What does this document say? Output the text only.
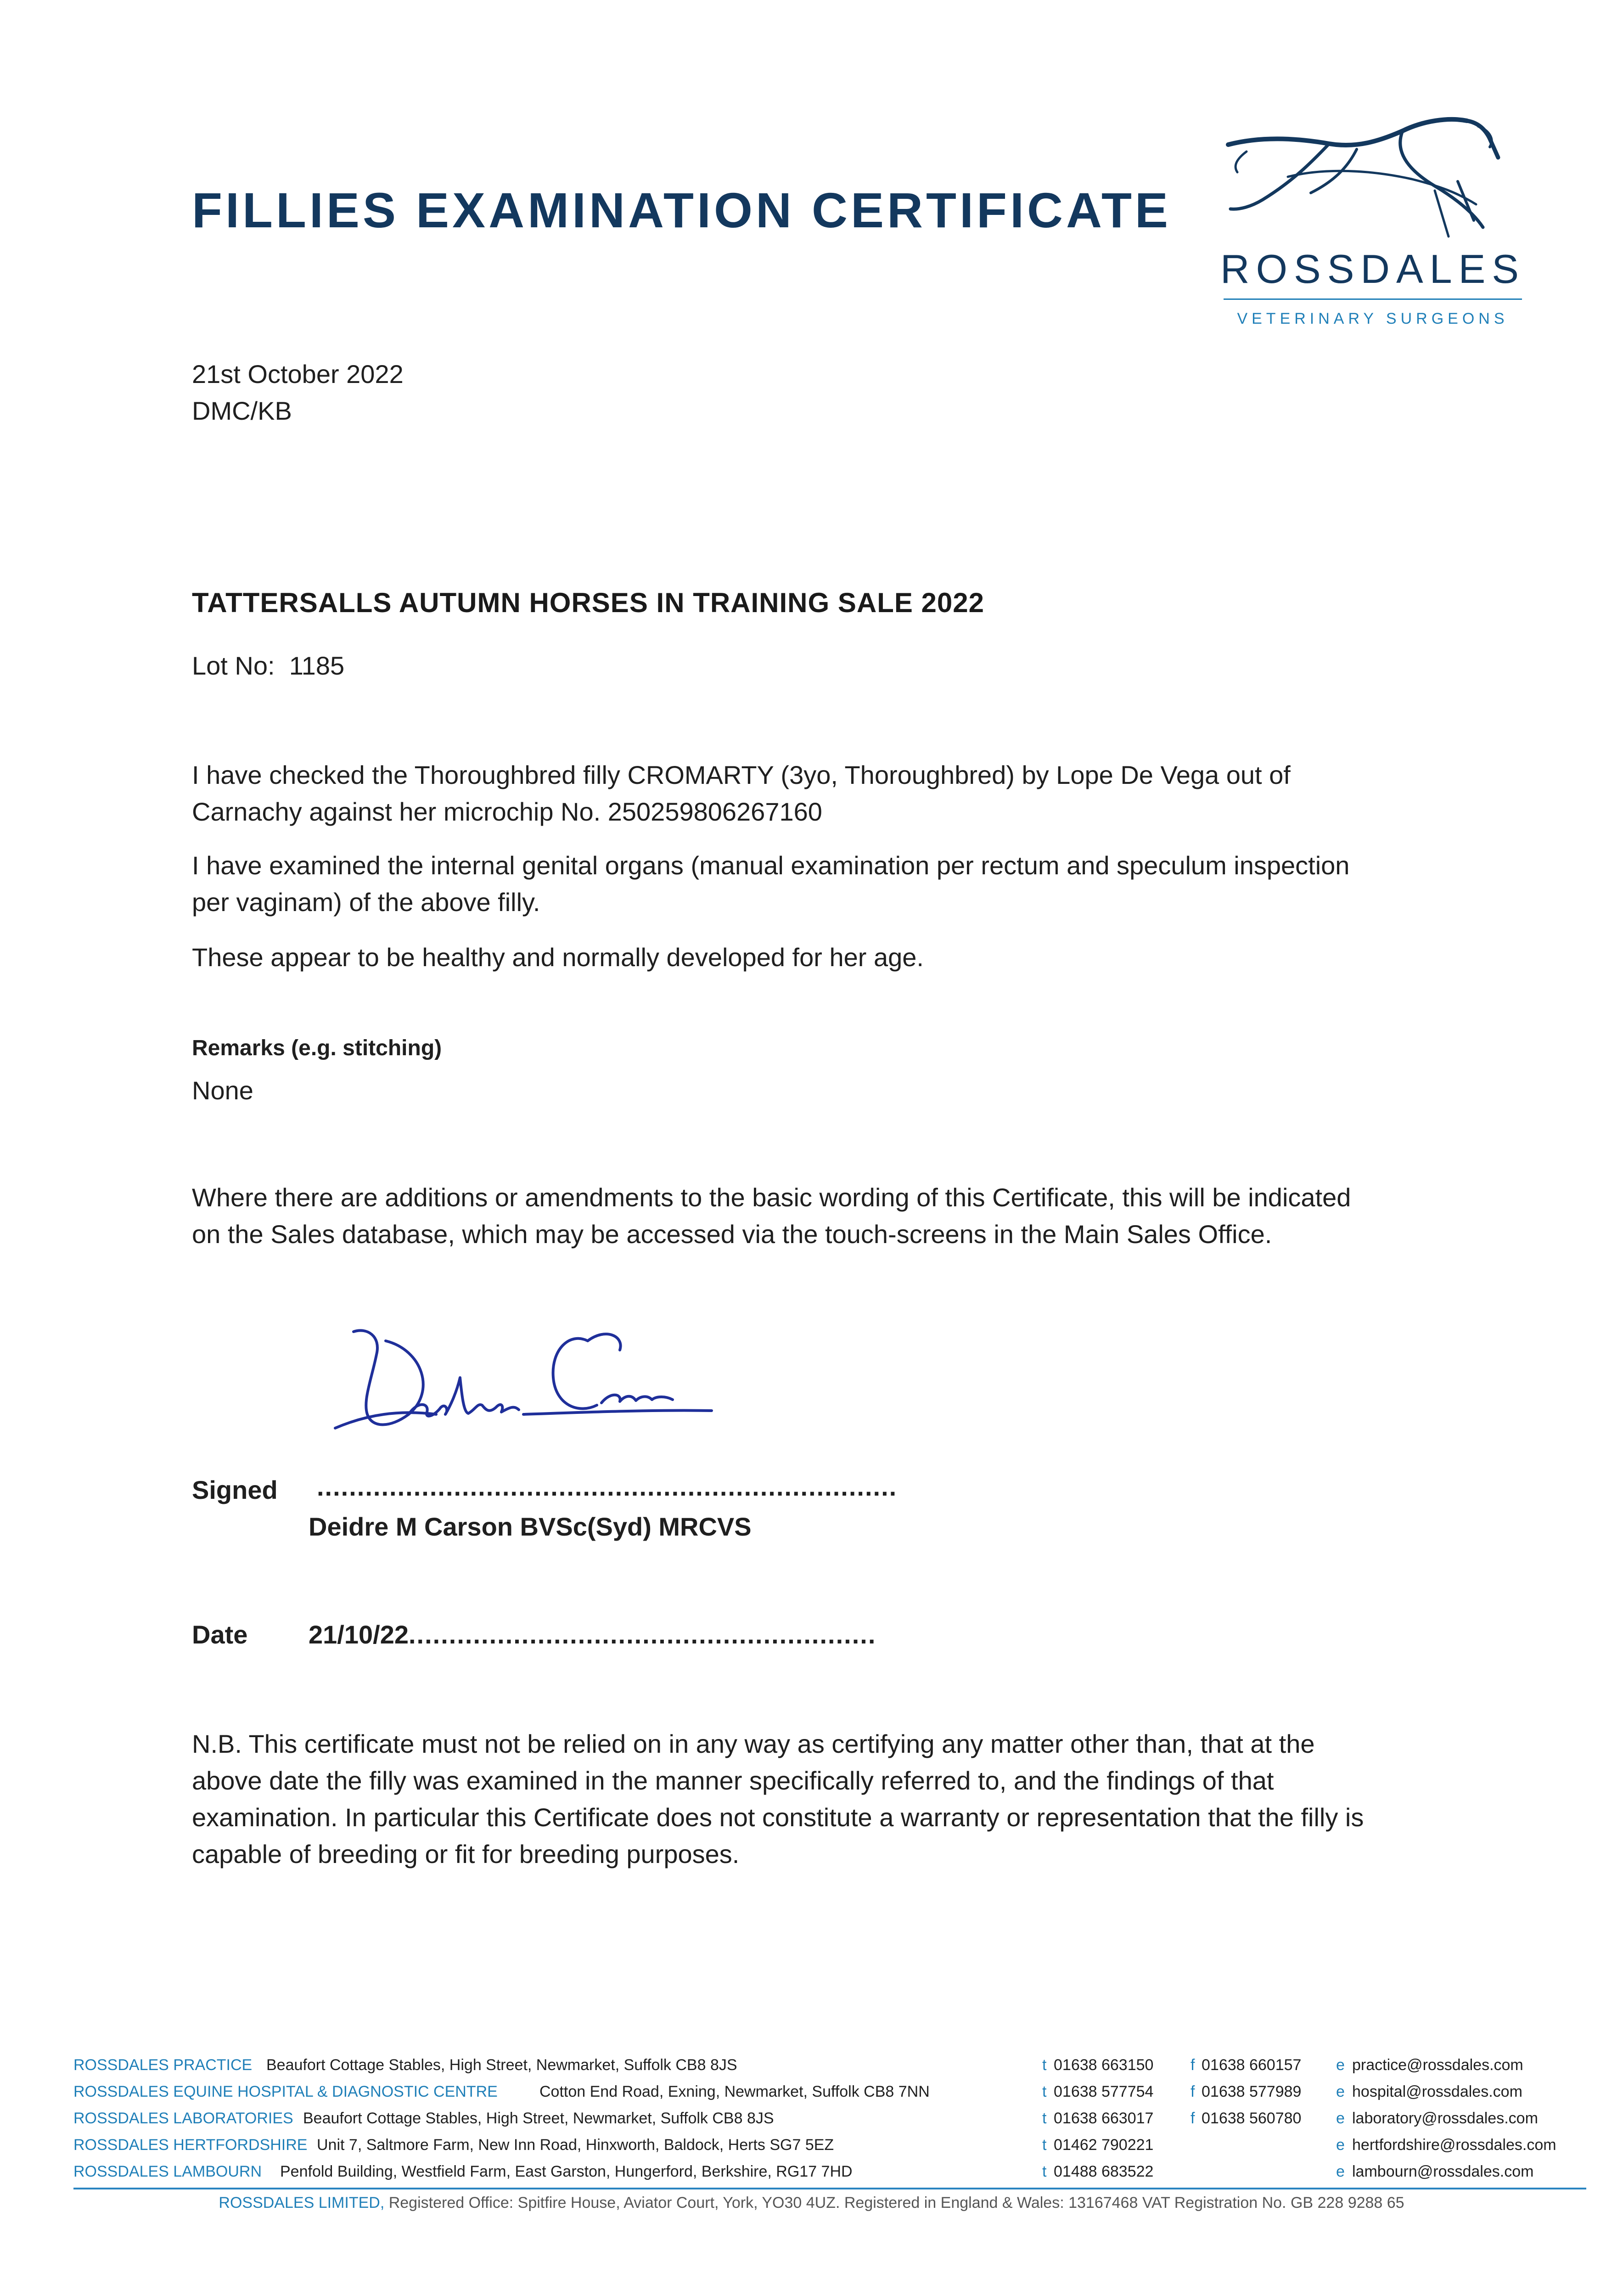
FILLIES EXAMINATION CERTIFICATE
ROSSDALES
VETERINARY SURGEONS
21st October 2022
DMC/KB
TATTERSALLS AUTUMN HORSES IN TRAINING SALE 2022
Lot No: 1185
I have checked the Thoroughbred filly CROMARTY (3yo, Thoroughbred) by Lope De Vega out of
Carnachy against her microchip No. 250259806267160
I have examined the internal genital organs (manual examination per rectum and speculum inspection
per vaginam) of the above filly.
These appear to be healthy and normally developed for her age.
Remarks (e.g. stitching)
None
Where there are additions or amendments to the basic wording of this Certificate, this will be indicated
on the Sales database, which may be accessed via the touch-screens in the Main Sales Office.
Signed ........................................................................
Deidre M Carson BVSc(Syd) MRCVS
Date 21/10/22..........................................................
N.B. This certificate must not be relied on in any way as certifying any matter other than, that at the
above date the filly was examined in the manner specifically referred to, and the findings of that
examination. In particular this Certificate does not constitute a warranty or representation that the filly is
capable of breeding or fit for breeding purposes.
ROSSDALES PRACTICE Beaufort Cottage Stables, High Street, Newmarket, Suffolk CB8 8JS	t 01638 663150 f 01638 660157 e practice@rossdales.com
ROSSDALES EQUINE HOSPITAL & DIAGNOSTIC CENTRE	Cotton End Road, Exning, Newmarket, Suffolk CB8 7NN	t 01638 577754 f 01638 577989 e hospital@rossdales.com
ROSSDALES LABORATORIES Beaufort Cottage Stables, High Street, Newmarket, Suffolk CB8 8JS	t 01638 663017 f 01638 560780 e laboratory@rossdales.com
ROSSDALES HERTFORDSHIRE Unit 7, Saltmore Farm, New Inn Road, Hinxworth, Baldock, Herts SG7 5EZ	t 01462 790221	e hertfordshire@rossdales.com
ROSSDALES LAMBOURN Penfold Building, Westfield Farm, East Garston, Hungerford, Berkshire, RG17 7HD	t 01488 683522	e lambourn@rossdales.com
ROSSDALES LIMITED, Registered Office: Spitfire House, Aviator Court, York, YO30 4UZ. Registered in England & Wales: 13167468 VAT Registration No. GB 228 9288 65
